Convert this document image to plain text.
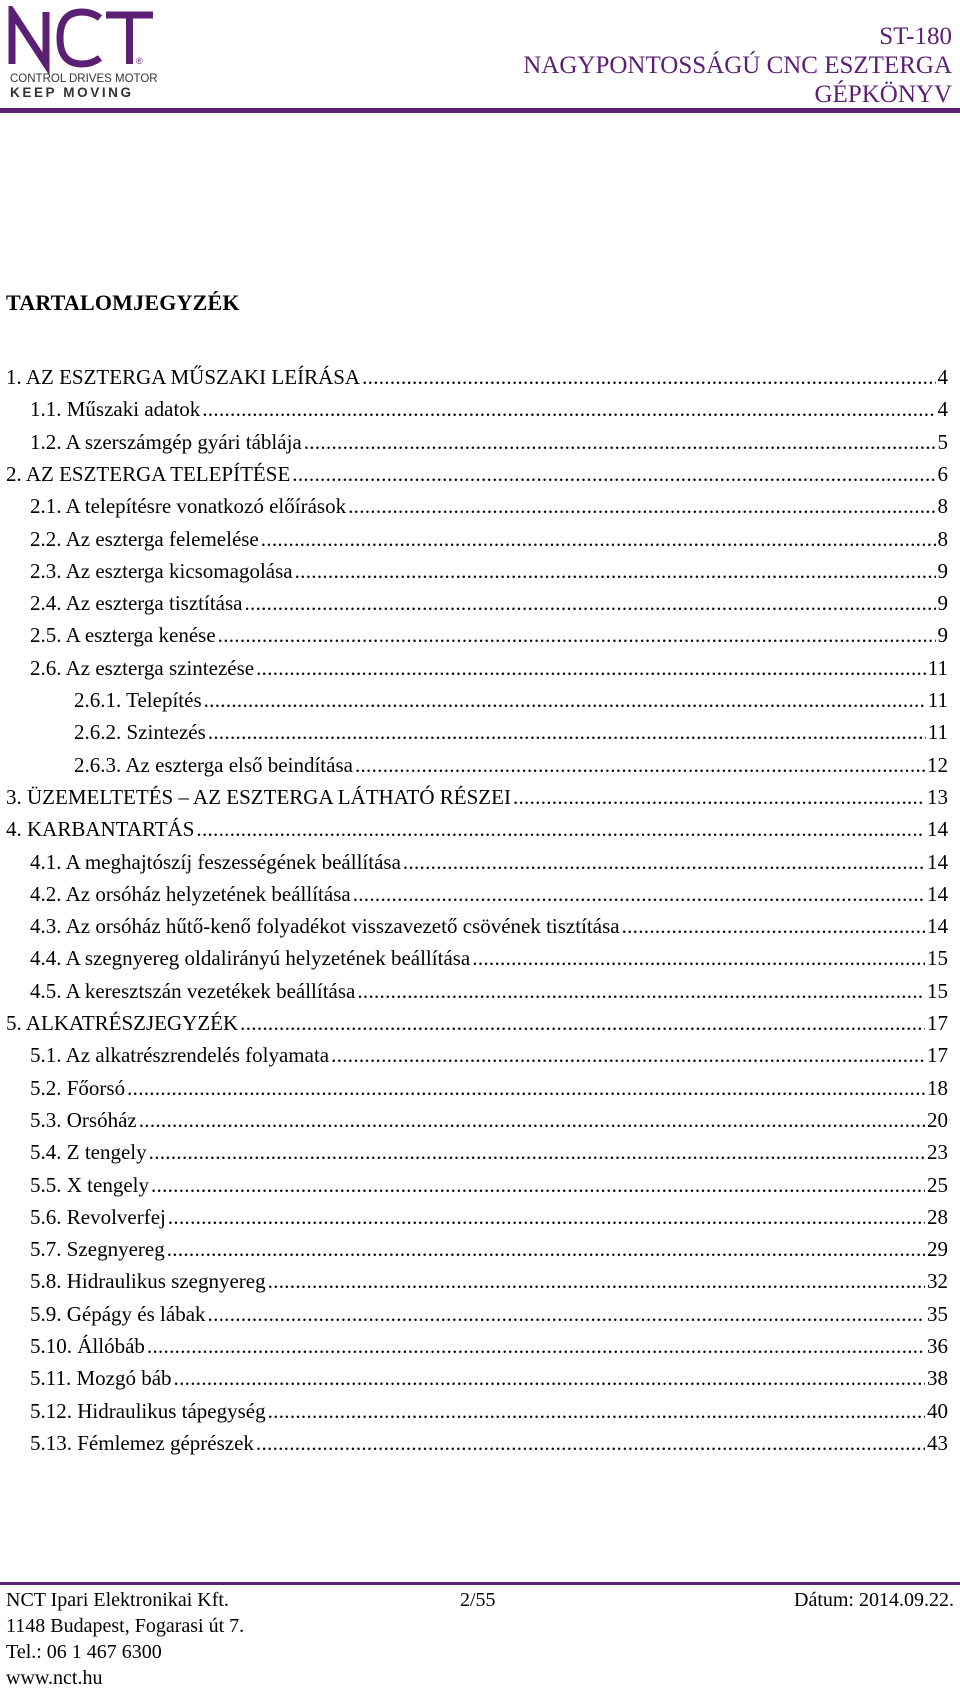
®
CONTROL DRIVES MOTORS
KEEP MOVING
ST-180
NAGYPONTOSSÁGÚ CNC ESZTERGA
GÉPKÖNYV
TARTALOMJEGYZÉK
1. AZ ESZTERGA MŰSZAKI LEÍRÁSA .....	4
1.1. Műszaki adatok .....	4
1.2. A szerszámgép gyári táblája .....	5
2. AZ ESZTERGA TELEPÍTÉSE .....	6
2.1. A telepítésre vonatkozó előírások .....	8
2.2. Az eszterga felemelése .....	8
2.3. Az eszterga kicsomagolása .....	9
2.4. Az eszterga tisztítása .....	9
2.5. A eszterga kenése .....	9
2.6. Az eszterga szintezése .....	11
2.6.1. Telepítés .....	11
2.6.2. Szintezés .....	11
2.6.3. Az eszterga első beindítása .....	12
3. ÜZEMELTETÉS – AZ ESZTERGA LÁTHATÓ RÉSZEI .....	13
4. KARBANTARTÁS .....	14
4.1. A meghajtószíj feszességének beállítása .....	14
4.2. Az orsóház helyzetének beállítása .....	14
4.3. Az orsóház hűtő-kenő folyadékot visszavezető csövének tisztítása .....	14
4.4. A szegnyereg oldalirányú helyzetének beállítása .....	15
4.5. A keresztszán vezetékek beállítása .....	15
5. ALKATRÉSZJEGYZÉK .....	17
5.1. Az alkatrészrendelés folyamata .....	17
5.2. Főorsó .....	18
5.3. Orsóház .....	20
5.4. Z tengely .....	23
5.5. X tengely .....	25
5.6. Revolverfej .....	28
5.7. Szegnyereg .....	29
5.8. Hidraulikus szegnyereg .....	32
5.9. Gépágy és lábak .....	35
5.10. Állóbáb .....	36
5.11. Mozgó báb .....	38
5.12. Hidraulikus tápegység .....	40
5.13. Fémlemez géprészek .....	43
NCT Ipari Elektronikai Kft.	2/55	Dátum: 2014.09.22.
1148 Budapest, Fogarasi út 7.
Tel.: 06 1 467 6300
www.nct.hu
